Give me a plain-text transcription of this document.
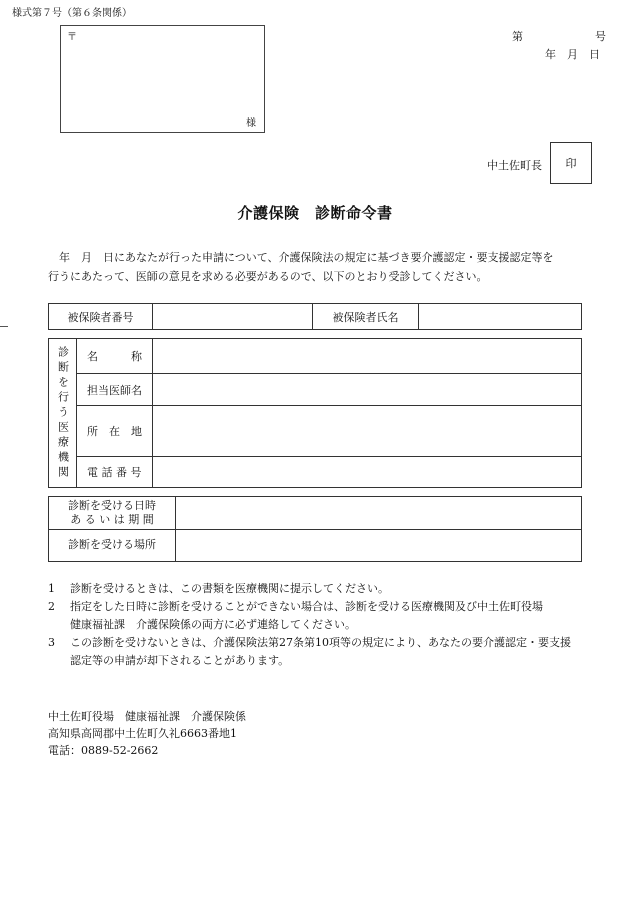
様式第７号（第６条関係）
〒
様
第	号
年　月　日
中土佐町長 印
介護保険　診断命令書

　年　月　日にあなたが行った申請について、介護保険法の規定に基づき要介護認定・要支援認定等を

行うにあたって、医師の意見を求める必要があるので、以下のとおり受診してください。

被保険者番号	被保険者氏名
診断を行う医療機関	名　　　称
担当医師名
所　在　地
電 話 番 号
診断を受ける日時
あ る い は 期 間
診断を受ける場所
1	診断を受けるときは、この書類を医療機関に提示してください。
2	指定をした日時に診断を受けることができない場合は、診断を受ける医療機関及び中土佐町役場
健康福祉課　介護保険係の両方に必ず連絡してください。
3	この診断を受けないときは、介護保険法第27条第10項等の規定により、あなたの要介護認定・要支援
認定等の申請が却下されることがあります。
中土佐町役場　健康福祉課　介護保険係
高知県高岡郡中土佐町久礼6663番地1
電話：0889-52-2662
